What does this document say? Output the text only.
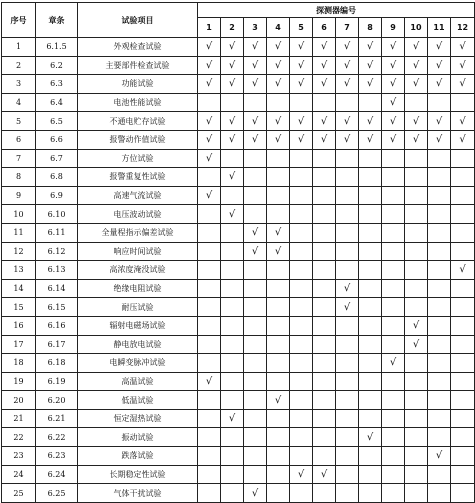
序号	章条	试验项目	探测器编号											
			1	2	3	4	5	6	7	8	9	10	11	12
1	6.1.5	外观检查试验	√	√	√	√	√	√	√	√	√	√	√	√
2	6.2	主要部件检查试验	√	√	√	√	√	√	√	√	√	√	√	√
3	6.3	功能试验	√	√	√	√	√	√	√	√	√	√	√	√
4	6.4	电池性能试验									√			
5	6.5	不通电贮存试验	√	√	√	√	√	√	√	√	√	√	√	√
6	6.6	报警动作值试验	√	√	√	√	√	√	√	√	√	√	√	√
7	6.7	方位试验	√											
8	6.8	报警重复性试验		√										
9	6.9	高速气流试验	√											
10	6.10	电压波动试验		√										
11	6.11	全量程指示偏差试验			√	√								
12	6.12	响应时间试验			√	√								
13	6.13	高浓度淹没试验												√
14	6.14	绝缘电阻试验							√					
15	6.15	耐压试验							√					
16	6.16	辐射电磁场试验										√		
17	6.17	静电放电试验										√		
18	6.18	电瞬变脉冲试验									√			
19	6.19	高温试验	√											
20	6.20	低温试验				√								
21	6.21	恒定湿热试验		√										
22	6.22	振动试验								√				
23	6.23	跌落试验											√	
24	6.24	长期稳定性试验					√	√						
25	6.25	气体干扰试验			√									
